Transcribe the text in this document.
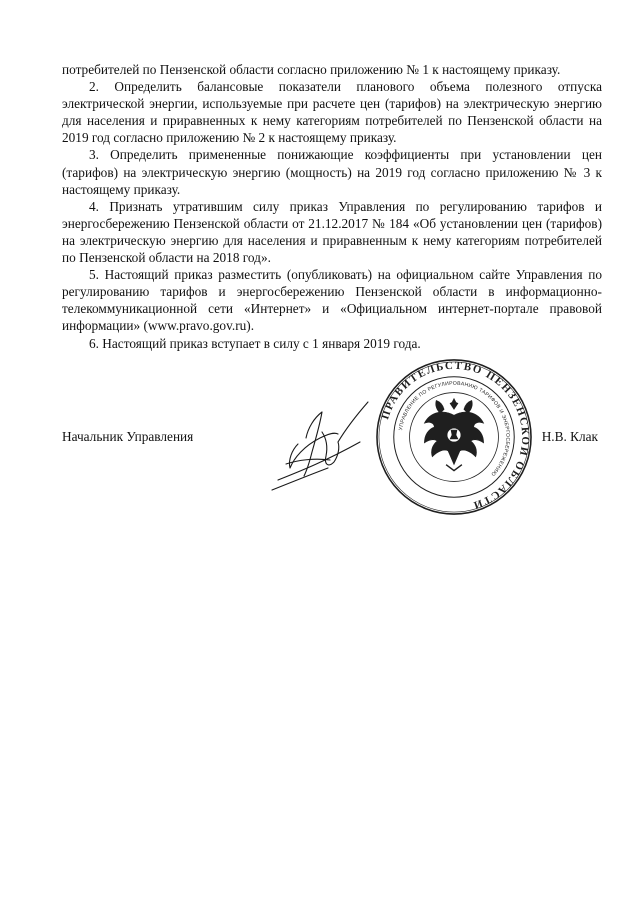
потребителей по Пензенской области согласно приложению № 1 к настоящему приказу.

2. Определить балансовые показатели планового объема полезного отпуска электрической энергии, используемые при расчете цен (тарифов) на электрическую энергию для населения и приравненных к нему категориям потребителей по Пензенской области на 2019 год согласно приложению № 2 к настоящему приказу.

3. Определить примененные понижающие коэффициенты при установлении цен (тарифов) на электрическую энергию (мощность) на 2019 год согласно приложению № 3 к настоящему приказу.

4. Признать утратившим силу приказ Управления по регулированию тарифов и энергосбережению Пензенской области от 21.12.2017 № 184 «Об установлении цен (тарифов) на электрическую энергию для населения и приравненным к нему категориям потребителей по Пензенской области на 2018 год».

5. Настоящий приказ разместить (опубликовать) на официальном сайте Управления по регулированию тарифов и энергосбережению Пензенской области в информационно-телекоммуникационной сети «Интернет» и «Официальном интернет-портале правовой информации» (www.pravo.gov.ru).

6. Настоящий приказ вступает в силу с 1 января 2019 года.

ПРАВИТЕЛЬСТВО ПЕНЗЕНСКОЙ ОБЛАСТИ
УПРАВЛЕНИЕ ПО РЕГУЛИРОВАНИЮ ТАРИФОВ И ЭНЕРГОСБЕРЕЖЕНИЮ
Начальник Управления	Н.В. Клак
